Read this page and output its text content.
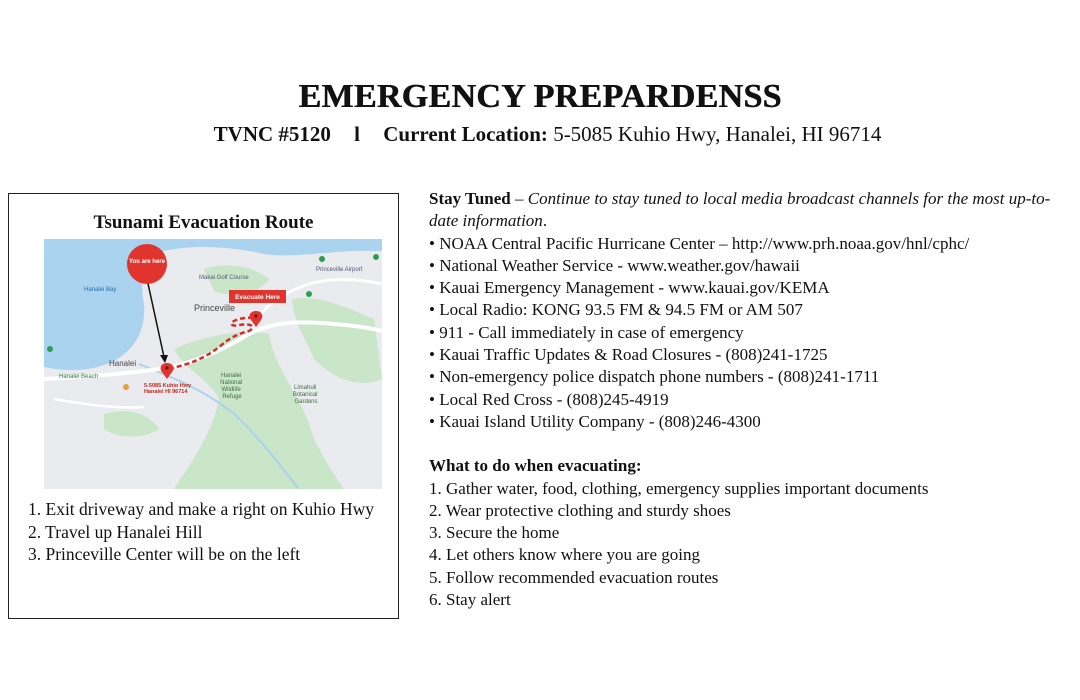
EMERGENCY PREPARDENSS
TVNC #5120 l Current Location: 5-5085 Kuhio Hwy, Hanalei, HI 96714
Tsunami Evacuation Route
Princeville
Makai Golf Course
Princeville Airport
Hanalei
Hanalei Beach
Hanalei Bay
Hanalei National Wildlife Refuge
Limahuli Botanical Gardens
You are here
5-5085 Kuhio Hwy Hanalei HI 96714
Evacuate Here
1. Exit driveway and make a right on Kuhio Hwy
2. Travel up Hanalei Hill
3. Princeville Center will be on the left

Stay Tuned – Continue to stay tuned to local media broadcast channels for the most up-to-date information.

• NOAA Central Pacific Hurricane Center – http://www.prh.noaa.gov/hnl/cphc/
• National Weather Service - www.weather.gov/hawaii
• Kauai Emergency Management - www.kauai.gov/KEMA
• Local Radio: KONG 93.5 FM & 94.5 FM or AM 507
• 911 - Call immediately in case of emergency
• Kauai Traffic Updates & Road Closures - (808)241-1725
• Non-emergency police dispatch phone numbers - (808)241-1711
• Local Red Cross - (808)245-4919
• Kauai Island Utility Company - (808)246-4300

What to do when evacuating:

1. Gather water, food, clothing, emergency supplies important documents
2. Wear protective clothing and sturdy shoes
3. Secure the home
4. Let others know where you are going
5. Follow recommended evacuation routes
6. Stay alert
